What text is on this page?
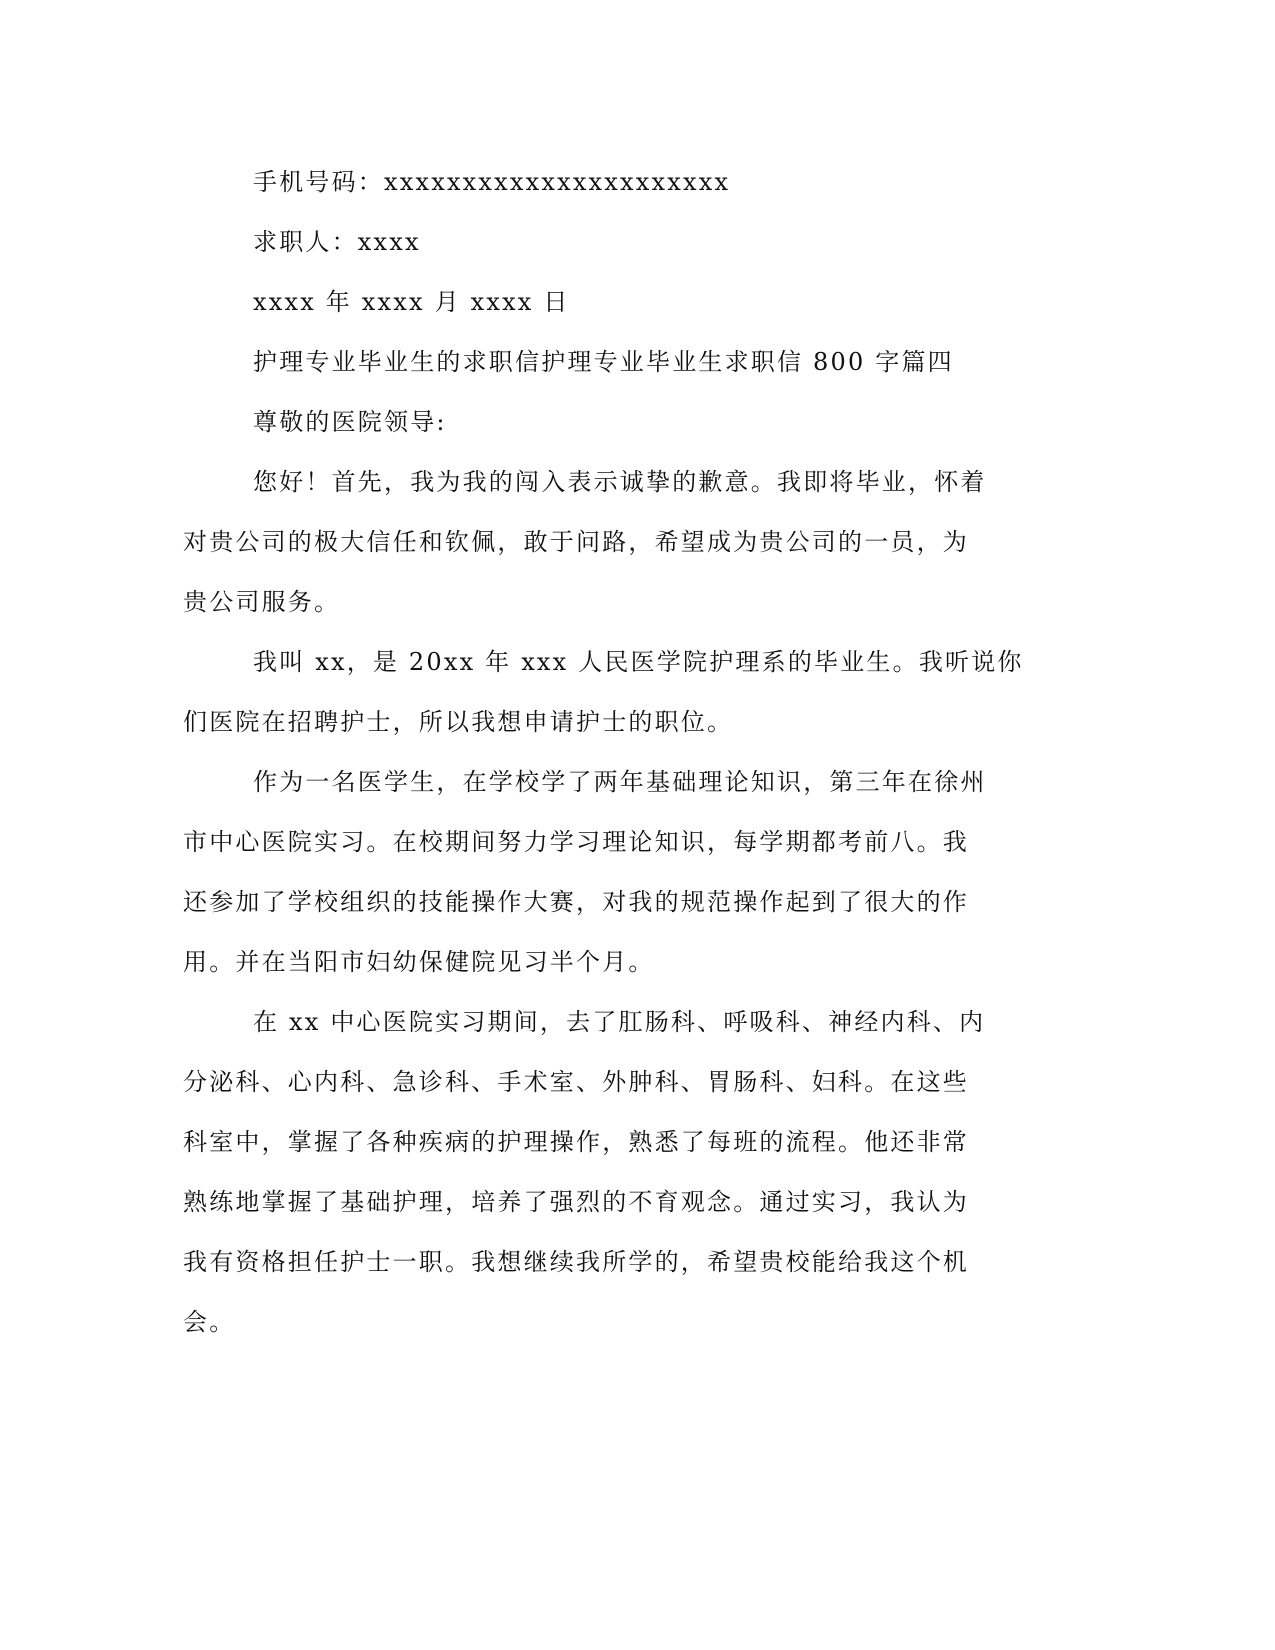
手机号码：xxxxxxxxxxxxxxxxxxxxxx

求职人：xxxx

xxxx 年 xxxx 月 xxxx 日

护理专业毕业生的求职信护理专业毕业生求职信 800 字篇四

尊敬的医院领导:

您好！首先，我为我的闯入表示诚挚的歉意。我即将毕业，怀着

对贵公司的极大信任和钦佩，敢于问路，希望成为贵公司的一员，为

贵公司服务。

我叫 xx，是 20xx 年 xxx 人民医学院护理系的毕业生。我听说你

们医院在招聘护士，所以我想申请护士的职位。

作为一名医学生，在学校学了两年基础理论知识，第三年在徐州

市中心医院实习。在校期间努力学习理论知识，每学期都考前八。我

还参加了学校组织的技能操作大赛，对我的规范操作起到了很大的作

用。并在当阳市妇幼保健院见习半个月。

在 xx 中心医院实习期间，去了肛肠科、呼吸科、神经内科、内

分泌科、心内科、急诊科、手术室、外肿科、胃肠科、妇科。在这些

科室中，掌握了各种疾病的护理操作，熟悉了每班的流程。他还非常

熟练地掌握了基础护理，培养了强烈的不育观念。通过实习，我认为

我有资格担任护士一职。我想继续我所学的，希望贵校能给我这个机

会。
